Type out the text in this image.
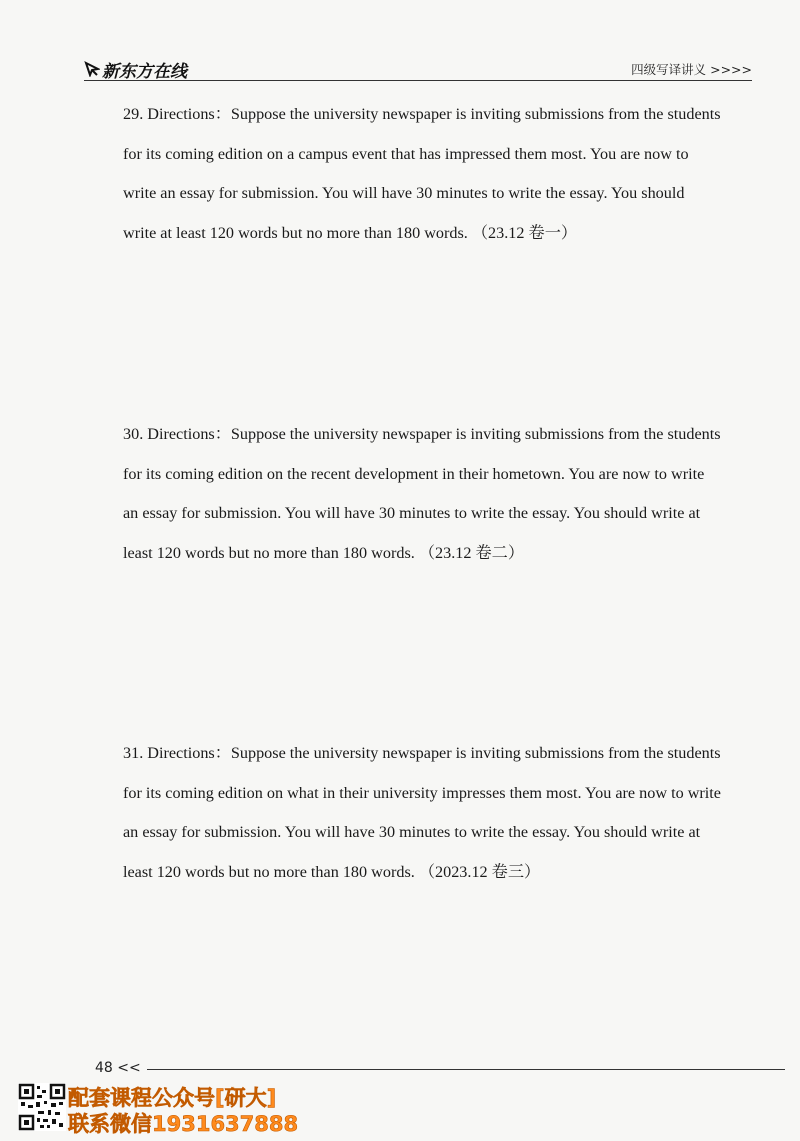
新东方在线	四级写译讲义 >>>>

29. Directions：Suppose the university newspaper is inviting submissions from the students

for its coming edition on a campus event that has impressed them most. You are now to

write an essay for submission. You will have 30 minutes to write the essay. You should

write at least 120 words but no more than 180 words. （23.12 卷一）

30. Directions：Suppose the university newspaper is inviting submissions from the students

for its coming edition on the recent development in their hometown. You are now to write

an essay for submission. You will have 30 minutes to write the essay. You should write at

least 120 words but no more than 180 words. （23.12 卷二）

31. Directions：Suppose the university newspaper is inviting submissions from the students

for its coming edition on what in their university impresses them most. You are now to write

an essay for submission. You will have 30 minutes to write the essay. You should write at

least 120 words but no more than 180 words. （2023.12 卷三）

48 <<
配套课程公众号[研大]
联系微信1931637888
